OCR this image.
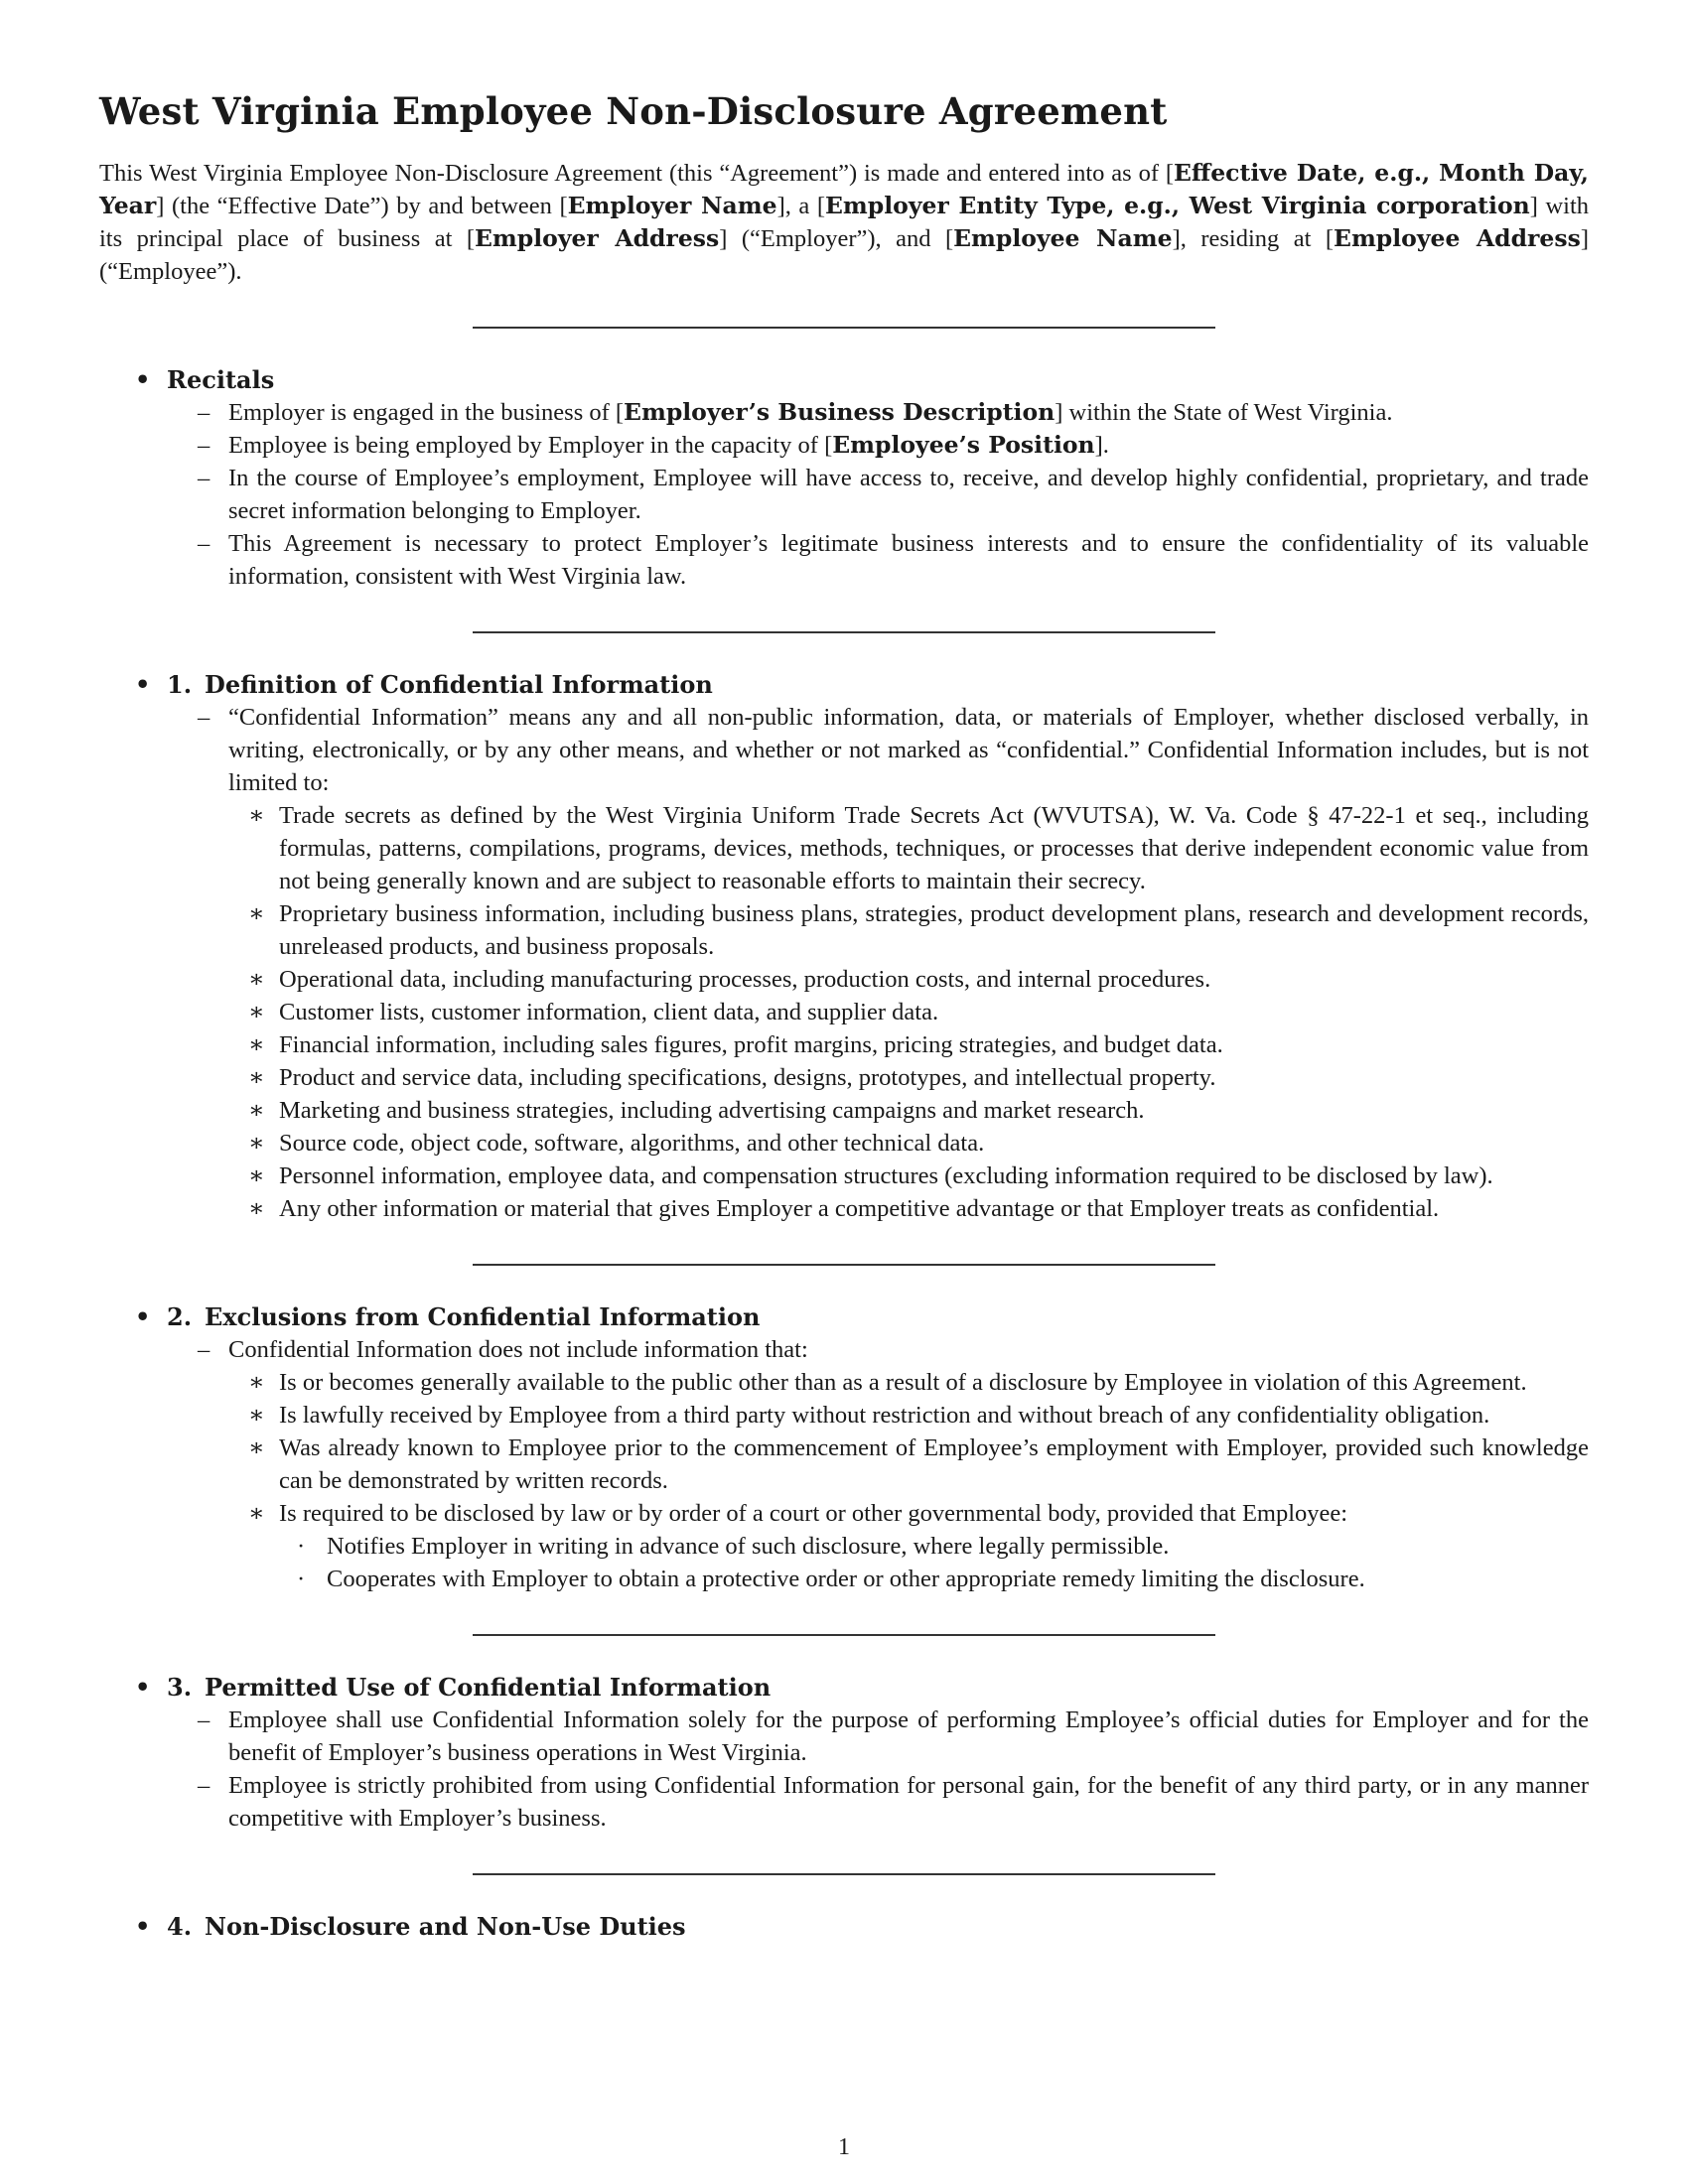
West Virginia Employee Non-Disclosure Agreement

This West Virginia Employee Non-Disclosure Agreement (this “Agreement”) is made and entered into as of [Effective Date, e.g., Month Day, Year] (the “Effective Date”) by and between [Employer Name], a [Employer Entity Type, e.g., West Virginia corporation] with its principal place of business at [Employer Address] (“Employer”), and [Employee Name], residing at [Employee Address] (“Employee”).

• Recitals
– Employer is engaged in the business of [Employer’s Business Description] within the State of West Virginia.
– Employee is being employed by Employer in the capacity of [Employee’s Position].
– In the course of Employee’s employment, Employee will have access to, receive, and develop highly confidential, proprietary, and trade secret information belonging to Employer.
– This Agreement is necessary to protect Employer’s legitimate business interests and to ensure the confidentiality of its valuable information, consistent with West Virginia law.
• 1. Definition of Confidential Information
– “Confidential Information” means any and all non-public information, data, or materials of Employer, whether disclosed verbally, in writing, electronically, or by any other means, and whether or not marked as “confidential.” Confidential Information includes, but is not limited to:
∗ Trade secrets as defined by the West Virginia Uniform Trade Secrets Act (WVUTSA), W. Va. Code § 47-22-1 et seq., including formulas, patterns, compilations, programs, devices, methods, techniques, or processes that derive independent economic value from not being generally known and are subject to reasonable efforts to maintain their secrecy.
∗ Proprietary business information, including business plans, strategies, product development plans, research and development records, unreleased products, and business proposals.
∗ Operational data, including manufacturing processes, production costs, and internal procedures.
∗ Customer lists, customer information, client data, and supplier data.
∗ Financial information, including sales figures, profit margins, pricing strategies, and budget data.
∗ Product and service data, including specifications, designs, prototypes, and intellectual property.
∗ Marketing and business strategies, including advertising campaigns and market research.
∗ Source code, object code, software, algorithms, and other technical data.
∗ Personnel information, employee data, and compensation structures (excluding information required to be disclosed by law).
∗ Any other information or material that gives Employer a competitive advantage or that Employer treats as confidential.
• 2. Exclusions from Confidential Information
– Confidential Information does not include information that:
∗ Is or becomes generally available to the public other than as a result of a disclosure by Employee in violation of this Agreement.
∗ Is lawfully received by Employee from a third party without restriction and without breach of any confidentiality obligation.
∗ Was already known to Employee prior to the commencement of Employee’s employment with Employer, provided such knowledge can be demonstrated by written records.
∗ Is required to be disclosed by law or by order of a court or other governmental body, provided that Employee:
· Notifies Employer in writing in advance of such disclosure, where legally permissible.
· Cooperates with Employer to obtain a protective order or other appropriate remedy limiting the disclosure.
• 3. Permitted Use of Confidential Information
– Employee shall use Confidential Information solely for the purpose of performing Employee’s official duties for Employer and for the benefit of Employer’s business operations in West Virginia.
– Employee is strictly prohibited from using Confidential Information for personal gain, for the benefit of any third party, or in any manner competitive with Employer’s business.
• 4. Non-Disclosure and Non-Use Duties
1
